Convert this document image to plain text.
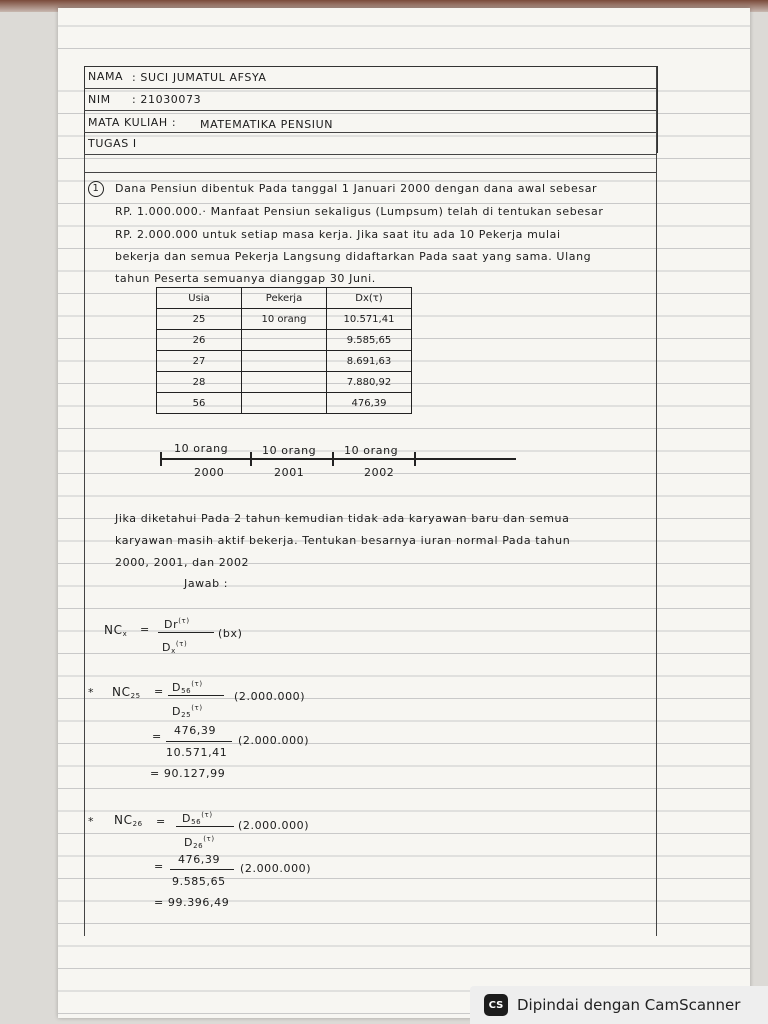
NAMA : SUCI JUMATUL AFSYA
NIM : 21030073
MATA KULIAH : MATEMATIKA PENSIUN
TUGAS I
1	Dana Pensiun dibentuk Pada tanggal 1 Januari 2000 dengan dana awal sebesar
RP. 1.000.000.· Manfaat Pensiun sekaligus (Lumpsum) telah di tentukan sebesar
RP. 2.000.000 untuk setiap masa kerja. Jika saat itu ada 10 Pekerja mulai
bekerja dan semua Pekerja Langsung didaftarkan Pada saat yang sama. Ulang
tahun Peserta semuanya dianggap 30 Juni.
Usia	Pekerja	Dx(τ)
25	10 orang	10.571,41
26		9.585,65
27		8.691,63
28		7.880,92
56		476,39
10 orang	10 orang	10 orang
2000	2001	2002
Jika diketahui Pada 2 tahun kemudian tidak ada karyawan baru dan semua
karyawan masih aktif bekerja. Tentukan besarnya iuran normal Pada tahun
2000, 2001, dan 2002
Jawab :
$NC_x = Dr^{(\tau)}$
$D_x^{(\tau)}$
(bx)
* $NC_{25} = D_{56}^{(\tau)}$
$D_{25}^{(\tau)}$
(2.000.000)
= 476,39
10.571,41
(2.000.000)
= 90.127,99
* $NC_{26} = D_{56}^{(\tau)}$
$D_{26}^{(\tau)}$
(2.000.000)
=
476,39
9.585,65
(2.000.000)
= 99.396,49
CS Dipindai dengan CamScanner
